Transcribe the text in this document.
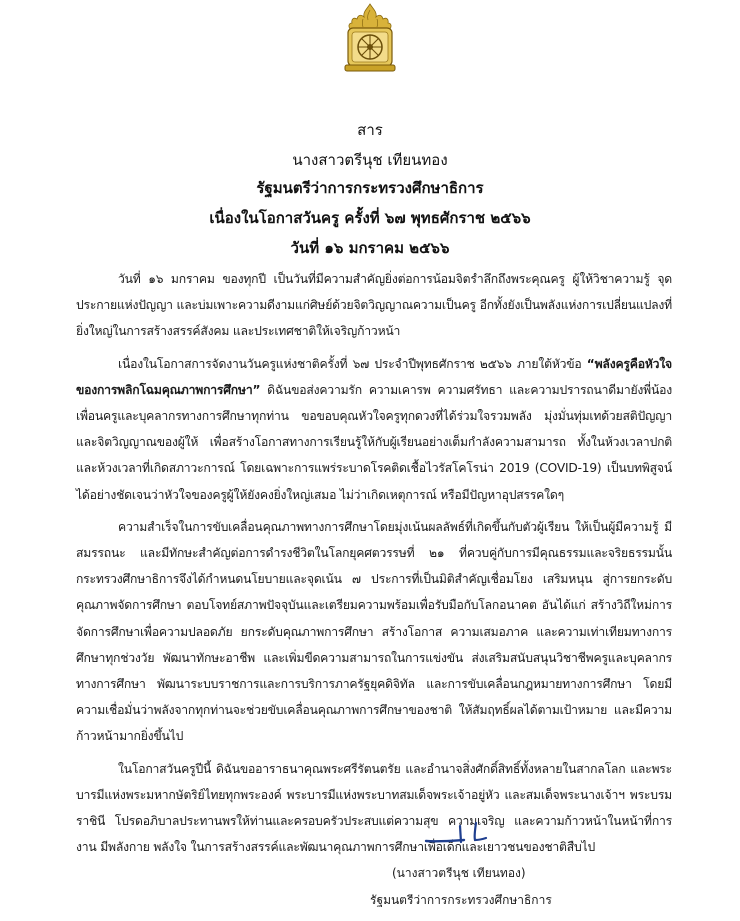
สาร
นางสาวตรีนุช เทียนทอง
รัฐมนตรีว่าการกระทรวงศึกษาธิการ
เนื่องในโอกาสวันครู ครั้งที่ ๖๗ พุทธศักราช ๒๕๖๖
วันที่ ๑๖ มกราคม ๒๕๖๖

วันที่ ๑๖ มกราคม ของทุกปี เป็นวันที่มีความสำคัญยิ่งต่อการน้อมจิตรำลึกถึงพระคุณครู ผู้ให้วิชาความรู้ จุดประกายแห่งปัญญา และบ่มเพาะความดีงามแก่ศิษย์ด้วยจิตวิญญาณความเป็นครู อีกทั้งยังเป็นพลังแห่งการเปลี่ยนแปลงที่ยิ่งใหญ่ในการสร้างสรรค์สังคม และประเทศชาติให้เจริญก้าวหน้า

เนื่องในโอกาสการจัดงานวันครูแห่งชาติครั้งที่ ๖๗ ประจำปีพุทธศักราช ๒๕๖๖ ภายใต้หัวข้อ “พลังครูคือหัวใจของการพลิกโฉมคุณภาพการศึกษา” ดิฉันขอส่งความรัก ความเคารพ ความศรัทธา และความปรารถนาดีมายังพี่น้องเพื่อนครูและบุคลากรทางการศึกษาทุกท่าน ขอขอบคุณหัวใจครูทุกดวงที่ได้ร่วมใจรวมพลัง มุ่งมั่นทุ่มเทด้วยสติปัญญาและจิตวิญญาณของผู้ให้ เพื่อสร้างโอกาสทางการเรียนรู้ให้กับผู้เรียนอย่างเต็มกำลังความสามารถ ทั้งในห้วงเวลาปกติและห้วงเวลาที่เกิดสภาวะการณ์ โดยเฉพาะการแพร่ระบาดโรคติดเชื้อไวรัสโคโรน่า 2019 (COVID-19) เป็นบทพิสูจน์ได้อย่างชัดเจนว่าหัวใจของครูผู้ให้ยังคงยิ่งใหญ่เสมอ ไม่ว่าเกิดเหตุการณ์ หรือมีปัญหาอุปสรรคใดๆ

ความสำเร็จในการขับเคลื่อนคุณภาพทางการศึกษาโดยมุ่งเน้นผลลัพธ์ที่เกิดขึ้นกับตัวผู้เรียน ให้เป็นผู้มีความรู้ มีสมรรถนะ และมีทักษะสำคัญต่อการดำรงชีวิตในโลกยุคศตวรรษที่ ๒๑ ที่ควบคู่กับการมีคุณธรรมและจริยธรรมนั้น กระทรวงศึกษาธิการจึงได้กำหนดนโยบายและจุดเน้น ๗ ประการที่เป็นมิติสำคัญเชื่อมโยง เสริมหนุน สู่การยกระดับคุณภาพจัดการศึกษา ตอบโจทย์สภาพปัจจุบันและเตรียมความพร้อมเพื่อรับมือกับโลกอนาคต อันได้แก่ สร้างวิถีใหม่การจัดการศึกษาเพื่อความปลอดภัย ยกระดับคุณภาพการศึกษา สร้างโอกาส ความเสมอภาค และความเท่าเทียมทางการศึกษาทุกช่วงวัย พัฒนาทักษะอาชีพ และเพิ่มขีดความสามารถในการแข่งขัน ส่งเสริมสนับสนุนวิชาชีพครูและบุคลากรทางการศึกษา พัฒนาระบบราชการและการบริการภาครัฐยุคดิจิทัล และการขับเคลื่อนกฎหมายทางการศึกษา โดยมีความเชื่อมั่นว่าพลังจากทุกท่านจะช่วยขับเคลื่อนคุณภาพการศึกษาของชาติ ให้สัมฤทธิ์ผลได้ตามเป้าหมาย และมีความก้าวหน้ามากยิ่งขึ้นไป

ในโอกาสวันครูปีนี้ ดิฉันขออาราธนาคุณพระศรีรัตนตรัย และอำนาจสิ่งศักดิ์สิทธิ์ทั้งหลายในสากลโลก และพระบารมีแห่งพระมหากษัตริย์ไทยทุกพระองค์ พระบารมีแห่งพระบาทสมเด็จพระเจ้าอยู่หัว และสมเด็จพระนางเจ้าฯ พระบรมราชินี โปรดอภิบาลประทานพรให้ท่านและครอบครัวประสบแต่ความสุข ความเจริญ และความก้าวหน้าในหน้าที่การงาน มีพลังกาย พลังใจ ในการสร้างสรรค์และพัฒนาคุณภาพการศึกษาเพื่อเด็กและเยาวชนของชาติสืบไป

(นางสาวตรีนุช เทียนทอง)
รัฐมนตรีว่าการกระทรวงศึกษาธิการ
